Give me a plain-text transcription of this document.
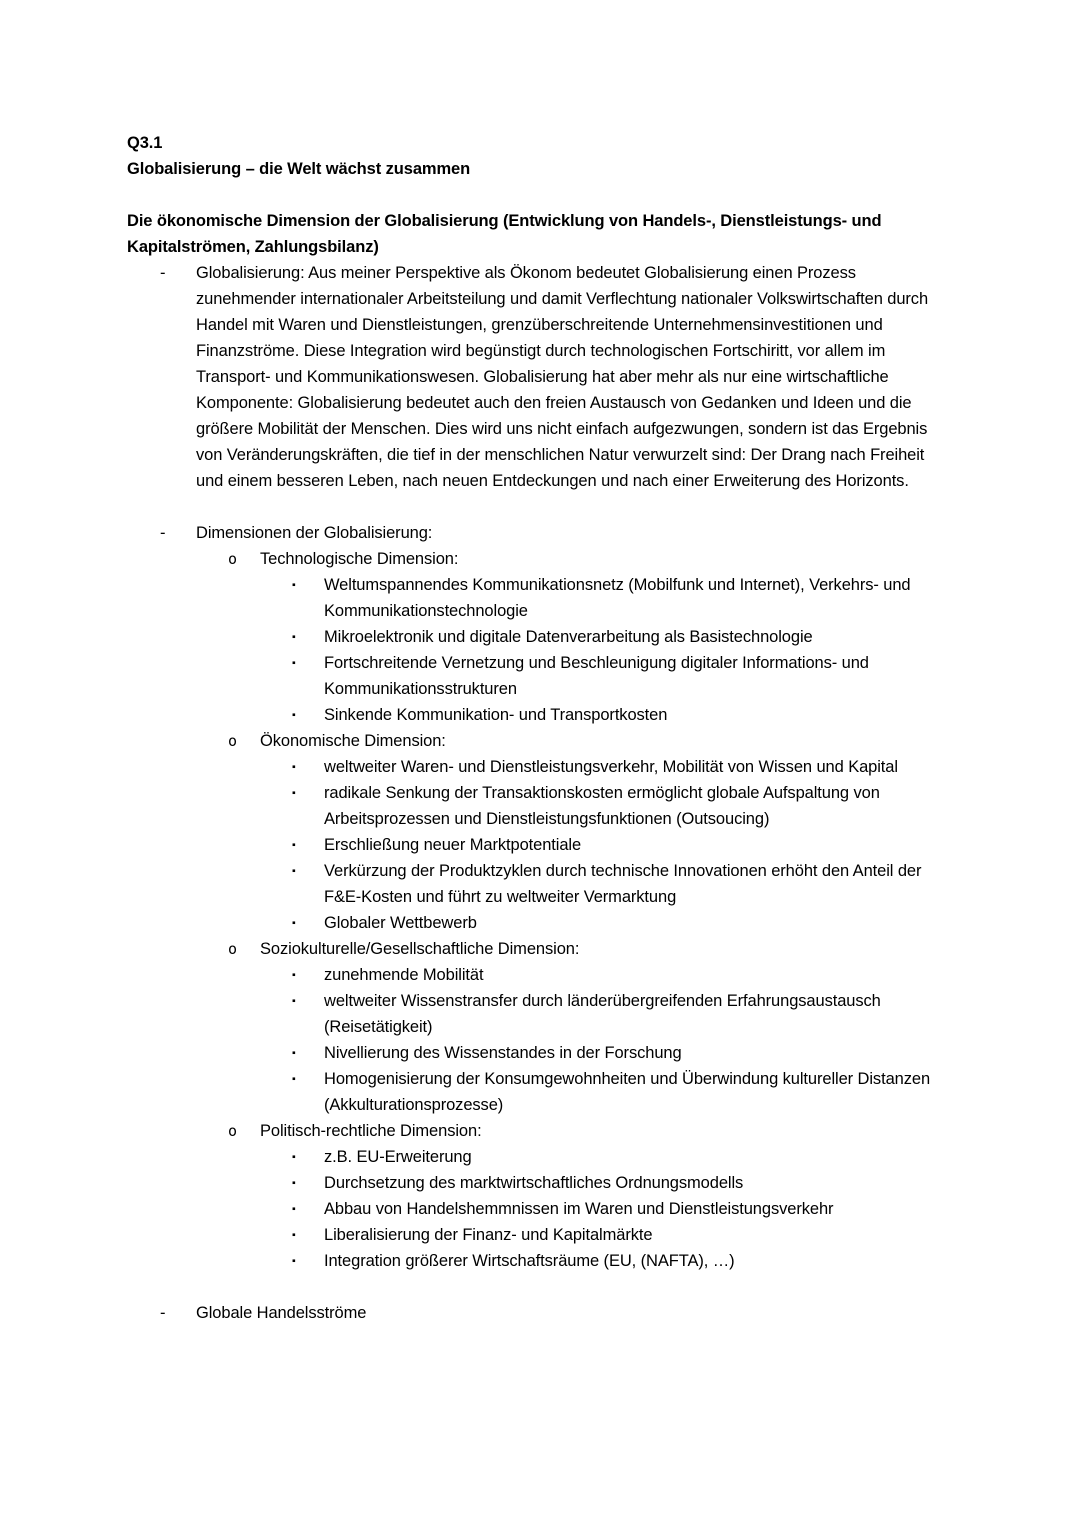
Q3.1
Globalisierung – die Welt wächst zusammen
Die ökonomische Dimension der Globalisierung (Entwicklung von Handels-, Dienstleistungs- und Kapitalströmen, Zahlungsbilanz)
- Globalisierung: Aus meiner Perspektive als Ökonom bedeutet Globalisierung einen Prozess zunehmender internationaler Arbeitsteilung und damit Verflechtung nationaler Volkswirtschaften durch Handel mit Waren und Dienstleistungen, grenzüberschreitende Unternehmensinvestitionen und Finanzströme. Diese Integration wird begünstigt durch technologischen Fortschiritt, vor allem im Transport- und Kommunikationswesen. Globalisierung hat aber mehr als nur eine wirtschaftliche Komponente: Globalisierung bedeutet auch den freien Austausch von Gedanken und Ideen und die größere Mobilität der Menschen. Dies wird uns nicht einfach aufgezwungen, sondern ist das Ergebnis von Veränderungskräften, die tief in der menschlichen Natur verwurzelt sind: Der Drang nach Freiheit und einem besseren Leben, nach neuen Entdeckungen und nach einer Erweiterung des Horizonts.
- Dimensionen der Globalisierung:
o Technologische Dimension:
▪ Weltumspannendes Kommunikationsnetz (Mobilfunk und Internet), Verkehrs- und Kommunikationstechnologie
▪ Mikroelektronik und digitale Datenverarbeitung als Basistechnologie
▪ Fortschreitende Vernetzung und Beschleunigung digitaler Informations- und Kommunikationsstrukturen
▪ Sinkende Kommunikation- und Transportkosten
o Ökonomische Dimension:
▪ weltweiter Waren- und Dienstleistungsverkehr, Mobilität von Wissen und Kapital
▪ radikale Senkung der Transaktionskosten ermöglicht globale Aufspaltung von Arbeitsprozessen und Dienstleistungsfunktionen (Outsoucing)
▪ Erschließung neuer Marktpotentiale
▪ Verkürzung der Produktzyklen durch technische Innovationen erhöht den Anteil der F&E-Kosten und führt zu weltweiter Vermarktung
▪ Globaler Wettbewerb
o Soziokulturelle/Gesellschaftliche Dimension:
▪ zunehmende Mobilität
▪ weltweiter Wissenstransfer durch länderübergreifenden Erfahrungsaustausch (Reisetätigkeit)
▪ Nivellierung des Wissenstandes in der Forschung
▪ Homogenisierung der Konsumgewohnheiten und Überwindung kultureller Distanzen (Akkulturationsprozesse)
o Politisch-rechtliche Dimension:
▪ z.B. EU-Erweiterung
▪ Durchsetzung des marktwirtschaftliches Ordnungsmodells
▪ Abbau von Handelshemmnissen im Waren und Dienstleistungsverkehr
▪ Liberalisierung der Finanz- und Kapitalmärkte
▪ Integration größerer Wirtschaftsräume (EU, (NAFTA), …)
- Globale Handelsströme
